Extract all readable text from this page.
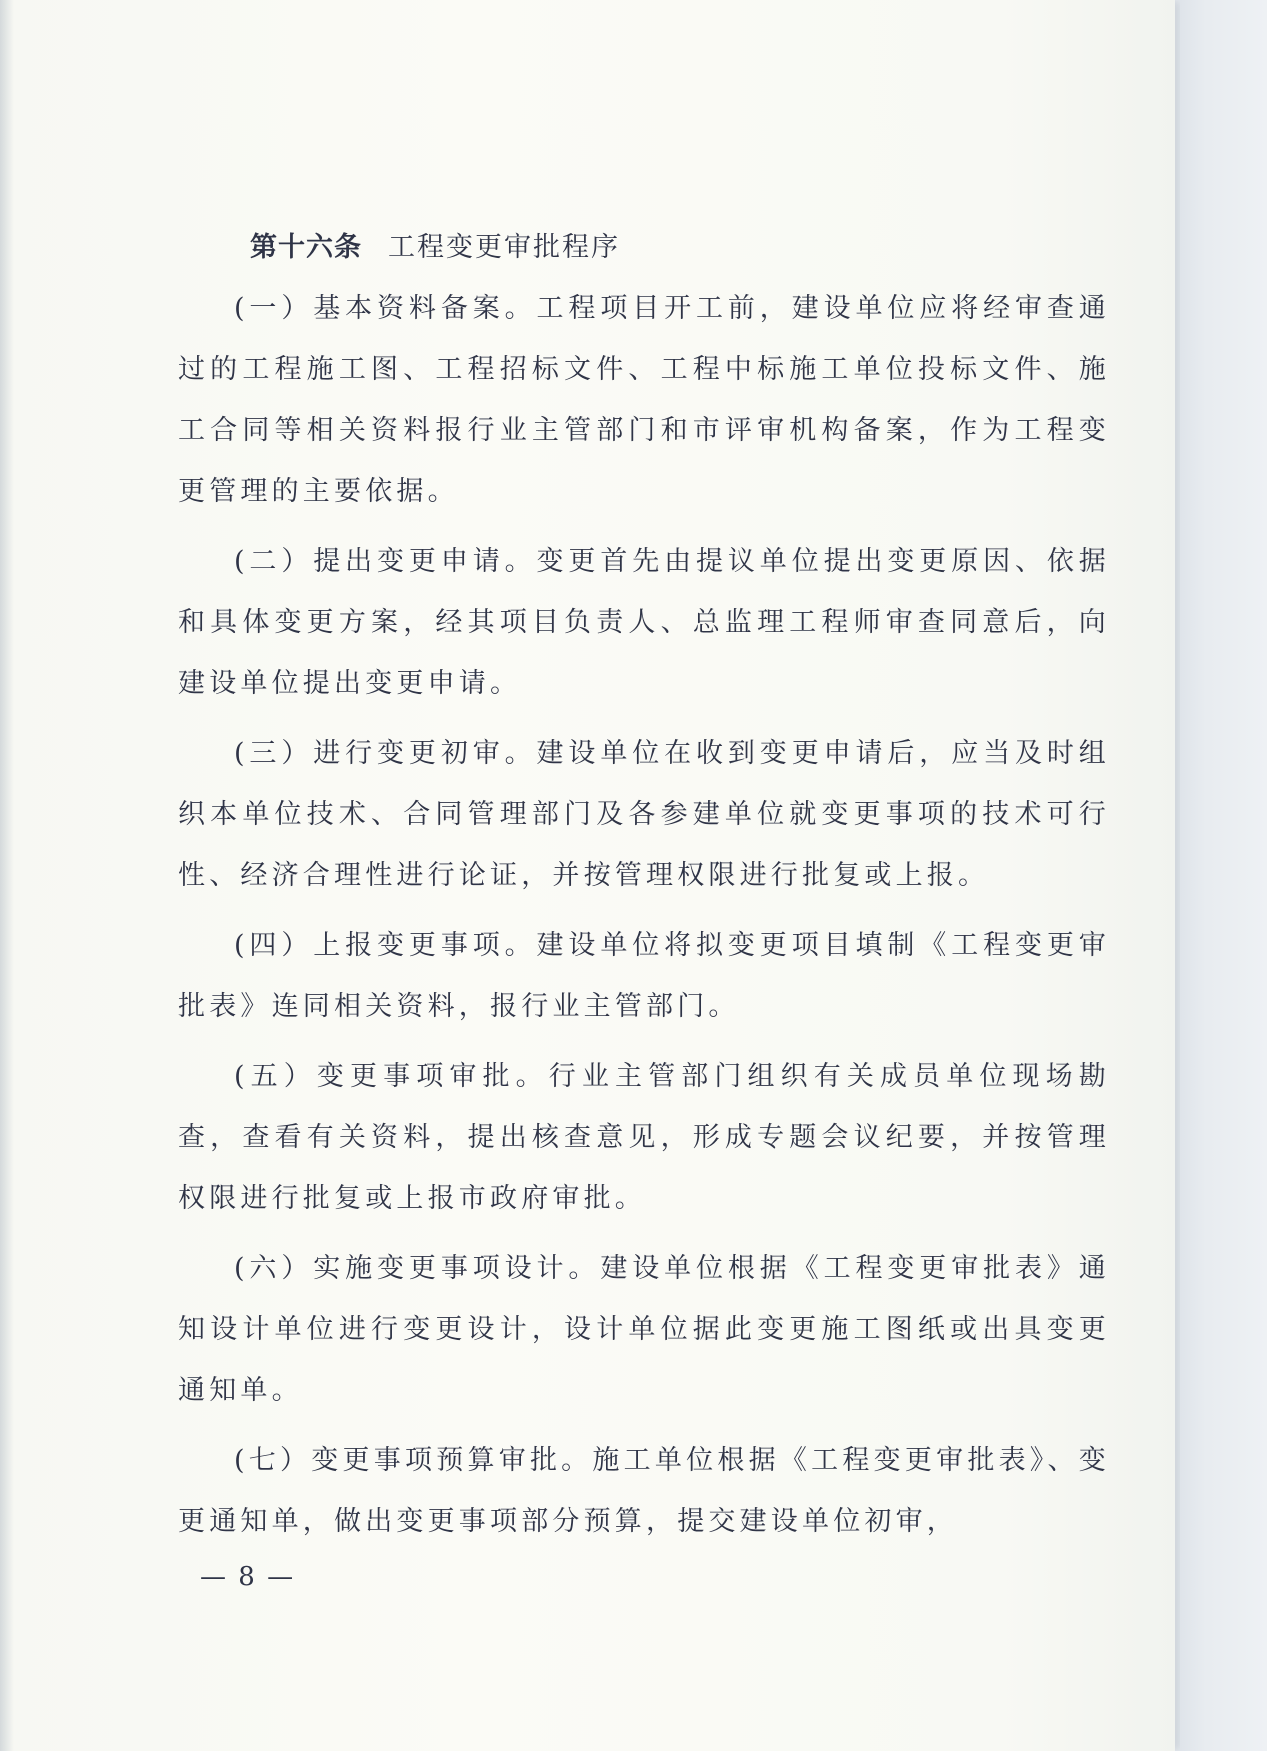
第十六条 工程变更审批程序

(一）基本资料备案。工程项目开工前，建设单位应将经审查通过的工程施工图、工程招标文件、工程中标施工单位投标文件、施工合同等相关资料报行业主管部门和市评审机构备案，作为工程变更管理的主要依据。

(二）提出变更申请。变更首先由提议单位提出变更原因、依据和具体变更方案，经其项目负责人、总监理工程师审查同意后，向建设单位提出变更申请。

(三）进行变更初审。建设单位在收到变更申请后，应当及时组织本单位技术、合同管理部门及各参建单位就变更事项的技术可行性、经济合理性进行论证，并按管理权限进行批复或上报。

(四）上报变更事项。建设单位将拟变更项目填制《工程变更审批表》连同相关资料，报行业主管部门。

(五）变更事项审批。行业主管部门组织有关成员单位现场勘查，查看有关资料，提出核查意见，形成专题会议纪要，并按管理权限进行批复或上报市政府审批。

(六）实施变更事项设计。建设单位根据《工程变更审批表》通知设计单位进行变更设计，设计单位据此变更施工图纸或出具变更通知单。

(七）变更事项预算审批。施工单位根据《工程变更审批表》、变更通知单，做出变更事项部分预算，提交建设单位初审，

— 8 —
